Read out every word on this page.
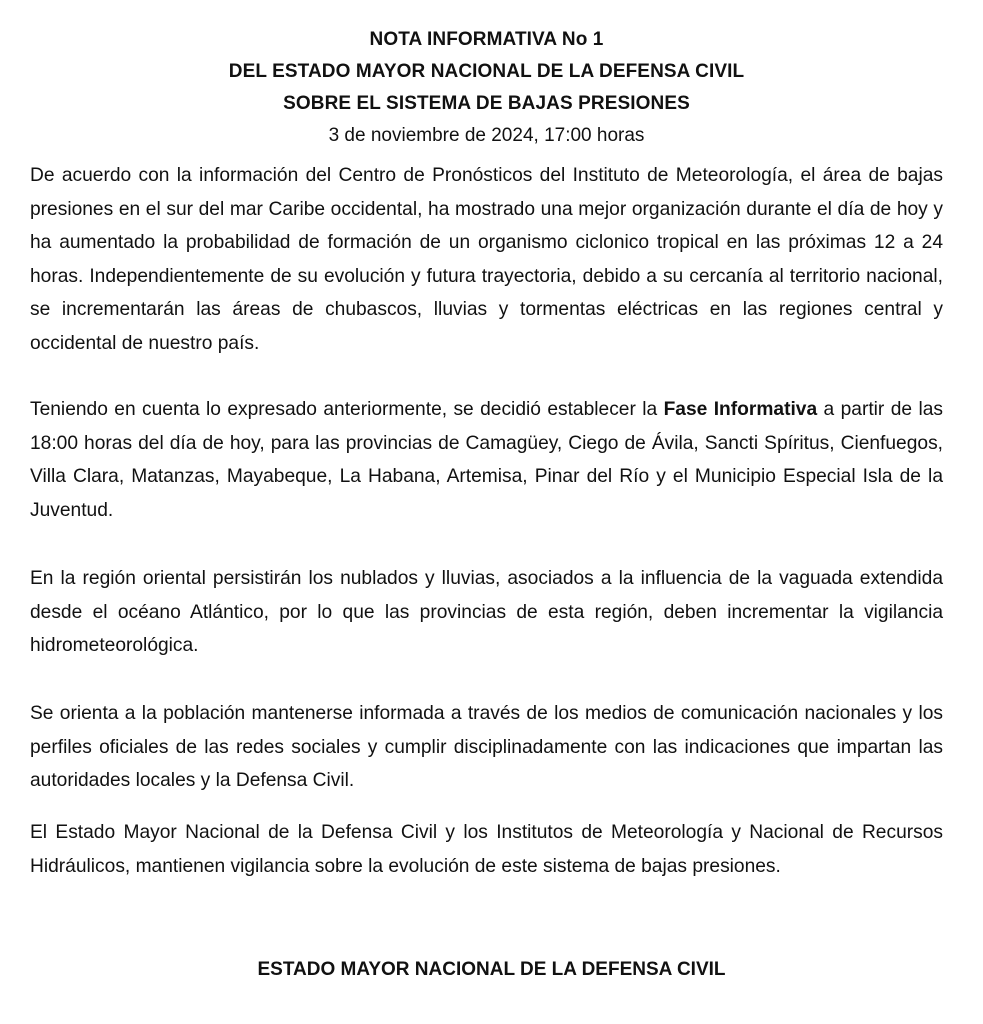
NOTA INFORMATIVA No 1
DEL ESTADO MAYOR NACIONAL DE LA DEFENSA CIVIL
SOBRE EL SISTEMA DE BAJAS PRESIONES
3 de noviembre de 2024, 17:00 horas

De acuerdo con la información del Centro de Pronósticos del Instituto de Meteorología, el área de bajas presiones en el sur del mar Caribe occidental, ha mostrado una mejor organización durante el día de hoy y ha aumentado la probabilidad de formación de un organismo ciclonico tropical en las próximas 12 a 24 horas. Independientemente de su evolución y futura trayectoria, debido a su cercanía al territorio nacional, se incrementarán las áreas de chubascos, lluvias y tormentas eléctricas en las regiones central y occidental de nuestro país.

Teniendo en cuenta lo expresado anteriormente, se decidió establecer la Fase Informativa a partir de las 18:00 horas del día de hoy, para las provincias de Camagüey, Ciego de Ávila, Sancti Spíritus, Cienfuegos, Villa Clara, Matanzas, Mayabeque, La Habana, Artemisa, Pinar del Río y el Municipio Especial Isla de la Juventud.

En la región oriental persistirán los nublados y lluvias, asociados a la influencia de la vaguada extendida desde el océano Atlántico, por lo que las provincias de esta región, deben incrementar la vigilancia hidrometeorológica.

Se orienta a la población mantenerse informada a través de los medios de comunicación nacionales y los perfiles oficiales de las redes sociales y cumplir disciplinadamente con las indicaciones que impartan las autoridades locales y la Defensa Civil.

El Estado Mayor Nacional de la Defensa Civil y los Institutos de Meteorología y Nacional de Recursos Hidráulicos, mantienen vigilancia sobre la evolución de este sistema de bajas presiones.

ESTADO MAYOR NACIONAL DE LA DEFENSA CIVIL
